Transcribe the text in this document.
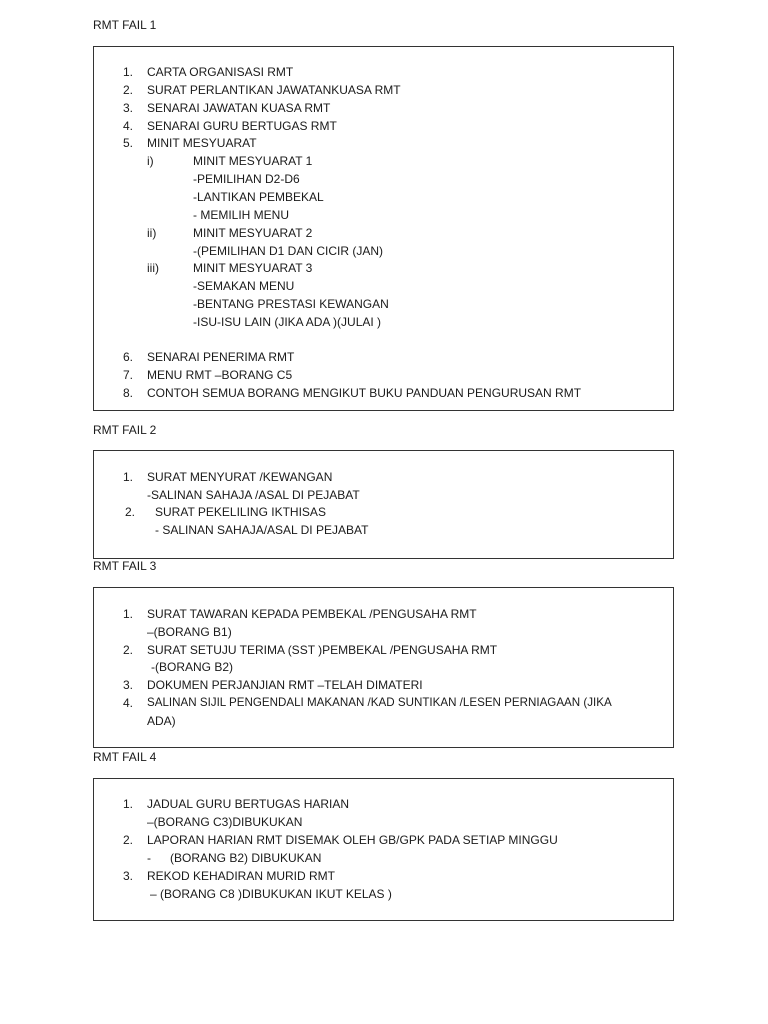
RMT FAIL 1
1. CARTA ORGANISASI RMT
2. SURAT PERLANTIKAN JAWATANKUASA RMT
3. SENARAI JAWATAN KUASA RMT
4. SENARAI GURU BERTUGAS RMT
5. MINIT MESYUARAT
i)	MINIT MESYUARAT 1
-PEMILIHAN D2-D6
-LANTIKAN PEMBEKAL
- MEMILIH MENU
ii)	MINIT MESYUARAT 2
-(PEMILIHAN D1 DAN CICIR (JAN)
iii)	MINIT MESYUARAT 3
-SEMAKAN MENU
-BENTANG PRESTASI KEWANGAN
-ISU-ISU LAIN (JIKA ADA )(JULAI )
6. SENARAI PENERIMA RMT
7. MENU RMT –BORANG C5
8. CONTOH SEMUA BORANG MENGIKUT BUKU PANDUAN PENGURUSAN RMT
RMT FAIL 2
1. SURAT MENYURAT /KEWANGAN
-SALINAN SAHAJA /ASAL DI PEJABAT
2. SURAT PEKELILING IKTHISAS
- SALINAN SAHAJA/ASAL DI PEJABAT
RMT FAIL 3
1. SURAT TAWARAN KEPADA PEMBEKAL /PENGUSAHA RMT
–(BORANG B1)
2. SURAT SETUJU TERIMA (SST )PEMBEKAL /PENGUSAHA RMT
-(BORANG B2)
3. DOKUMEN PERJANJIAN RMT –TELAH DIMATERI
4. SALINAN SIJIL PENGENDALI MAKANAN /KAD SUNTIKAN /LESEN PERNIAGAAN (JIKA
ADA)
RMT FAIL 4
1. JADUAL GURU BERTUGAS HARIAN
–(BORANG C3)DIBUKUKAN
2. LAPORAN HARIAN RMT DISEMAK OLEH GB/GPK PADA SETIAP MINGGU
- (BORANG B2) DIBUKUKAN
3. REKOD KEHADIRAN MURID RMT
– (BORANG C8 )DIBUKUKAN IKUT KELAS )
